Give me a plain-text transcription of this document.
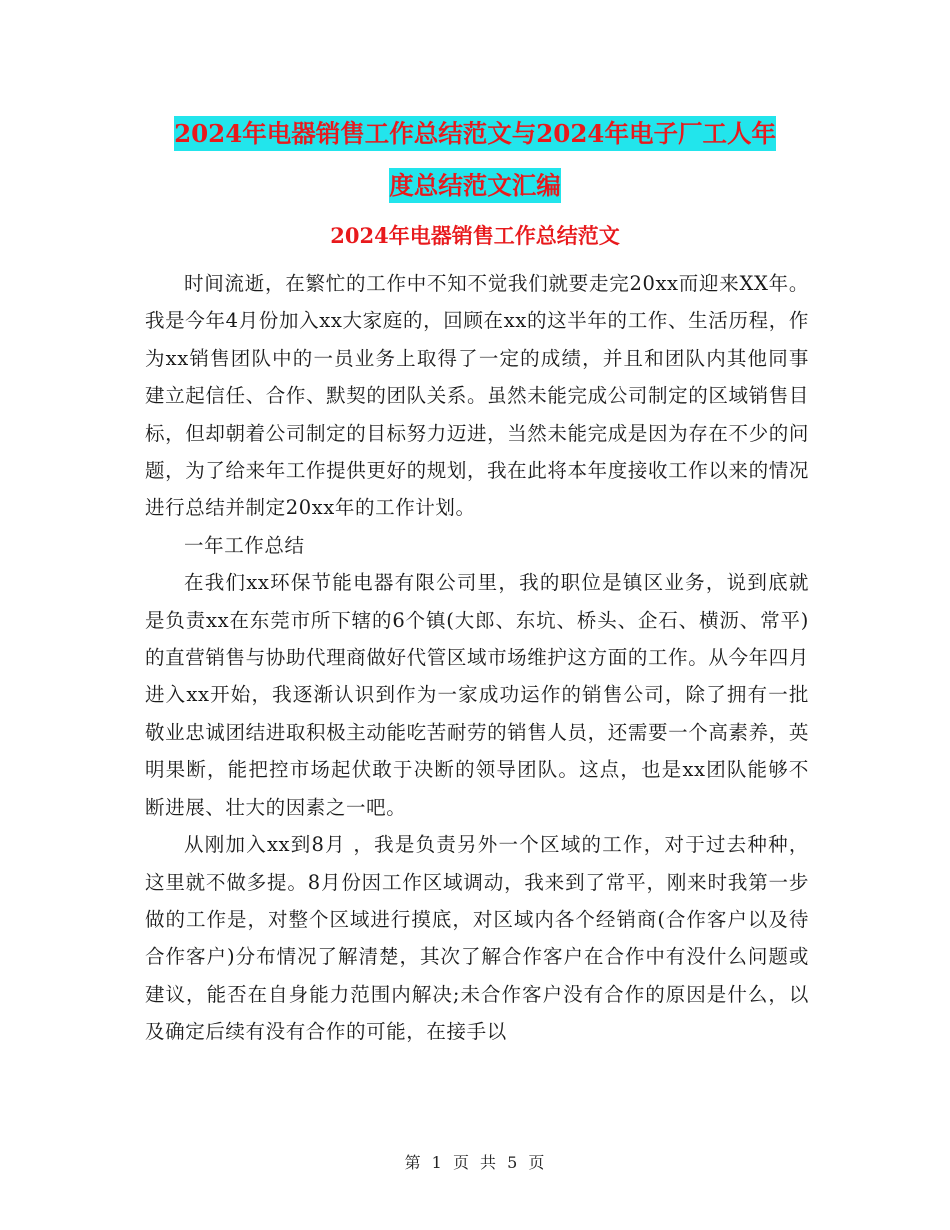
2024年电器销售工作总结范文与2024年电子厂工人年
度总结范文汇编
2024年电器销售工作总结范文

时间流逝，在繁忙的工作中不知不觉我们就要走完20xx而迎来XX年。我是今年4月份加入xx大家庭的，回顾在xx的这半年的工作、生活历程，作为xx销售团队中的一员业务上取得了一定的成绩，并且和团队内其他同事建立起信任、合作、默契的团队关系。虽然未能完成公司制定的区域销售目标，但却朝着公司制定的目标努力迈进，当然未能完成是因为存在不少的问题，为了给来年工作提供更好的规划，我在此将本年度接收工作以来的情况进行总结并制定20xx年的工作计划。

一年工作总结

在我们xx环保节能电器有限公司里，我的职位是镇区业务，说到底就是负责xx在东莞市所下辖的6个镇(大郎、东坑、桥头、企石、横沥、常平)的直营销售与协助代理商做好代管区域市场维护这方面的工作。从今年四月进入xx开始，我逐渐认识到作为一家成功运作的销售公司，除了拥有一批敬业忠诚团结进取积极主动能吃苦耐劳的销售人员，还需要一个高素养，英明果断，能把控市场起伏敢于决断的领导团队。这点，也是xx团队能够不断进展、壮大的因素之一吧。

从刚加入xx到8月 ，我是负责另外一个区域的工作，对于过去种种，这里就不做多提。8月份因工作区域调动，我来到了常平，刚来时我第一步做的工作是，对整个区域进行摸底，对区域内各个经销商(合作客户以及待合作客户)分布情况了解清楚，其次了解合作客户在合作中有没什么问题或建议，能否在自身能力范围内解决;未合作客户没有合作的原因是什么，以及确定后续有没有合作的可能，在接手以

第 1 页 共 5 页
